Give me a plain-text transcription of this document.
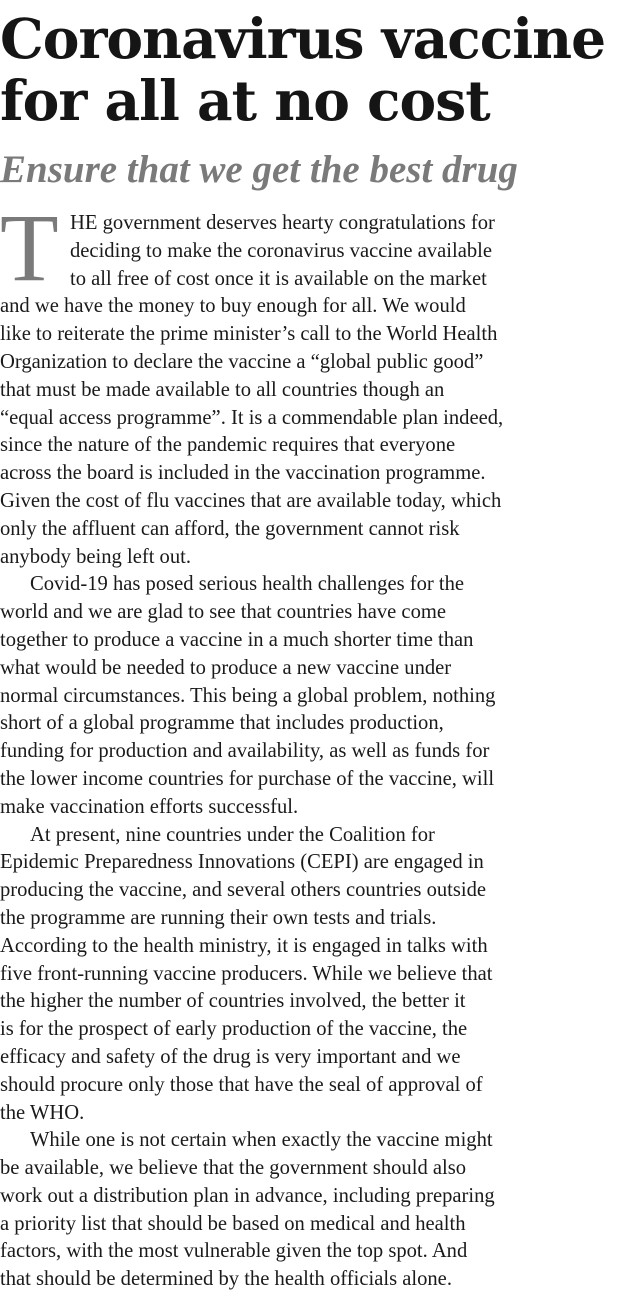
Coronavirus vaccine
for all at no cost
Ensure that we get the best drug
T HE government deserves hearty congratulations for
deciding to make the coronavirus vaccine available
to all free of cost once it is available on the market
and we have the money to buy enough for all. We would
like to reiterate the prime minister’s call to the World Health
Organization to declare the vaccine a “global public good”
that must be made available to all countries though an
“equal access programme”. It is a commendable plan indeed,
since the nature of the pandemic requires that everyone
across the board is included in the vaccination programme.
Given the cost of flu vaccines that are available today, which
only the affluent can afford, the government cannot risk
anybody being left out.
Covid-19 has posed serious health challenges for the
world and we are glad to see that countries have come
together to produce a vaccine in a much shorter time than
what would be needed to produce a new vaccine under
normal circumstances. This being a global problem, nothing
short of a global programme that includes production,
funding for production and availability, as well as funds for
the lower income countries for purchase of the vaccine, will
make vaccination efforts successful.
At present, nine countries under the Coalition for
Epidemic Preparedness Innovations (CEPI) are engaged in
producing the vaccine, and several others countries outside
the programme are running their own tests and trials.
According to the health ministry, it is engaged in talks with
five front-running vaccine producers. While we believe that
the higher the number of countries involved, the better it
is for the prospect of early production of the vaccine, the
efficacy and safety of the drug is very important and we
should procure only those that have the seal of approval of
the WHO.
While one is not certain when exactly the vaccine might
be available, we believe that the government should also
work out a distribution plan in advance, including preparing
a priority list that should be based on medical and health
factors, with the most vulnerable given the top spot. And
that should be determined by the health officials alone.
